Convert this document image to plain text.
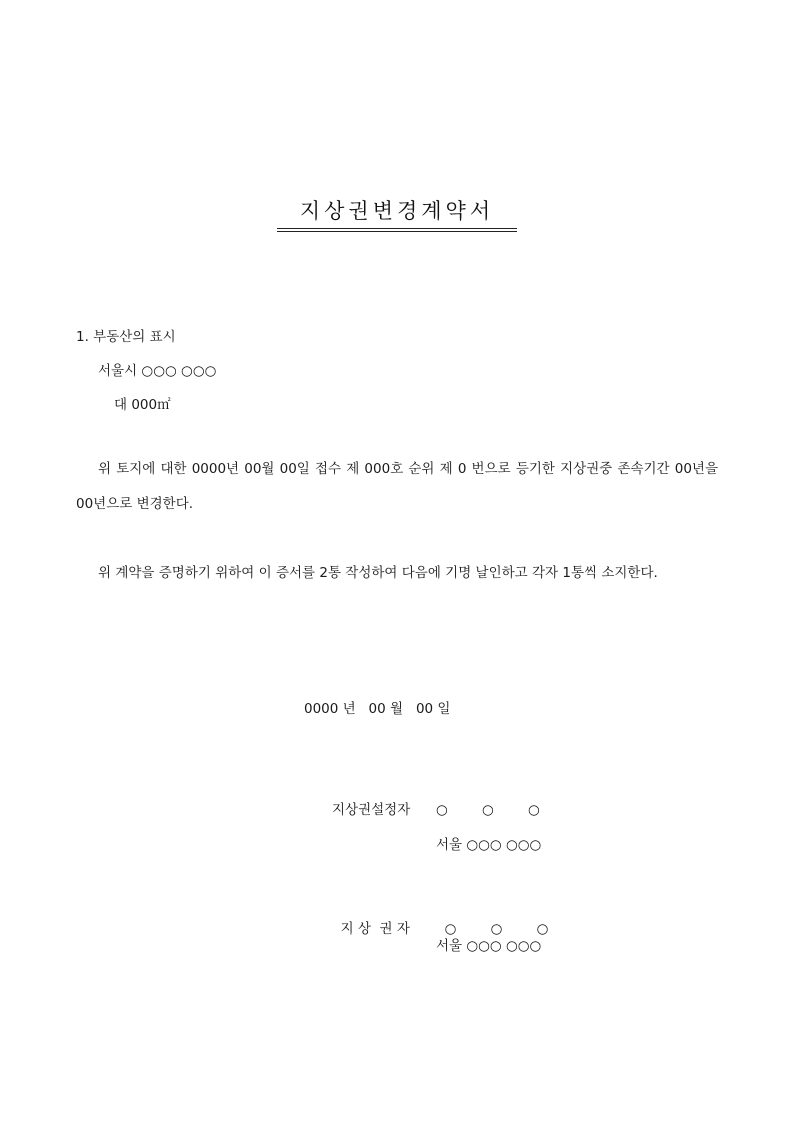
지상권변경계약서
1. 부동산의 표시
서울시 ○○○ ○○○
대 000㎡

위 토지에 대한 0000년 00월 00일 접수 제 000호 순위 제 0 번으로 등기한 지상권중 존속기간 00년을 00년으로 변경한다.

위 계약을 증명하기 위하여 이 증서를 2통 작성하여 다음에 기명 날인하고 각자 1통씩 소지한다.

0000 년   00 월   00 일
지상권설정자 ○	○	○
서울 ○○○ ○○○

지 상  권 자	○	○	○

서울 ○○○ ○○○
